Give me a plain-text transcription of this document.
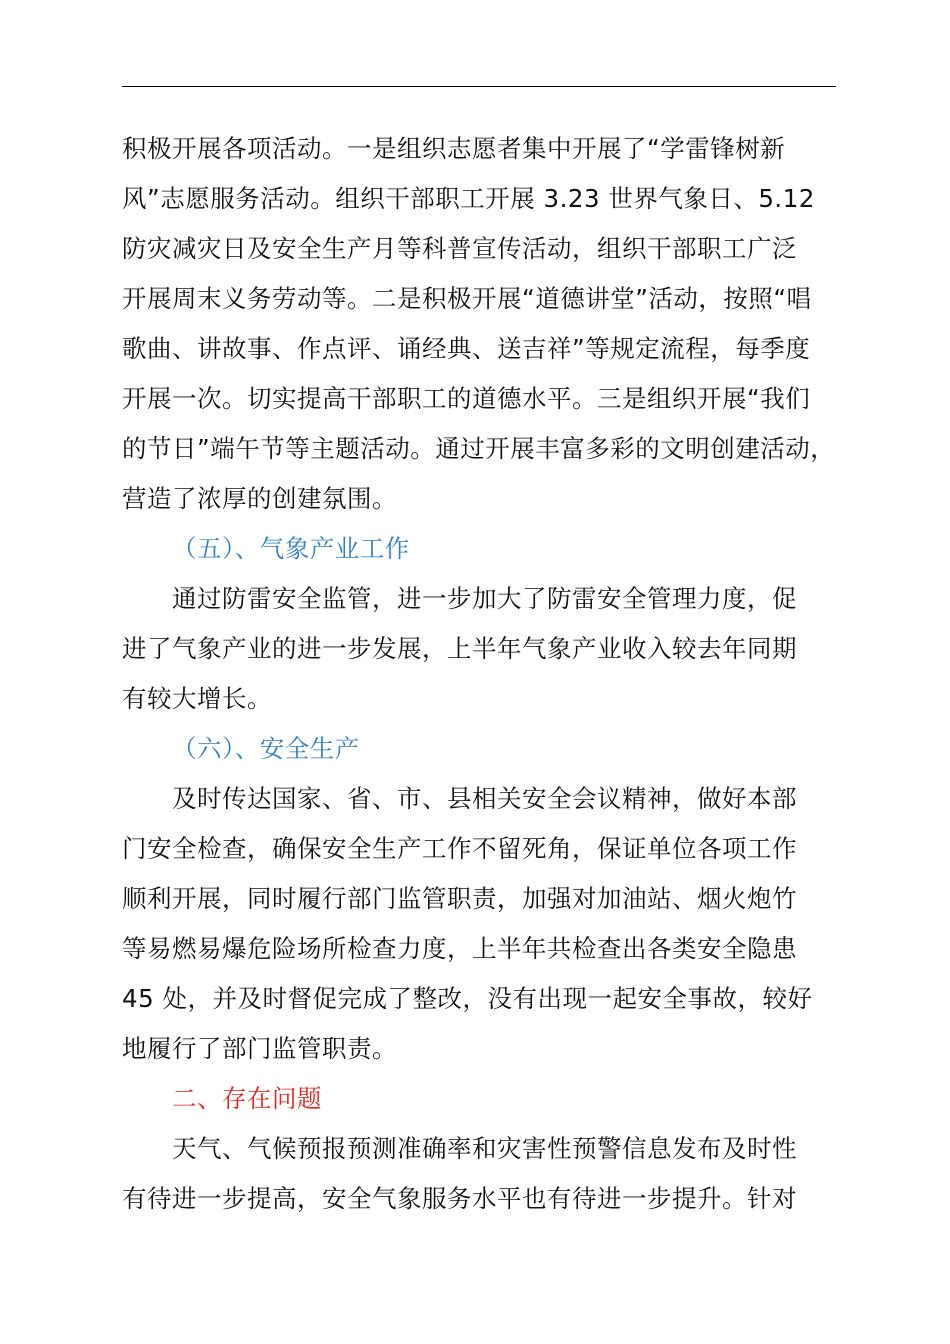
积极开展各项活动。一是组织志愿者集中开展了“学雷锋树新
风”志愿服务活动。组织干部职工开展 3.23 世界气象日、5.12
防灾减灾日及安全生产月等科普宣传活动，组织干部职工广泛
开展周末义务劳动等。二是积极开展“道德讲堂”活动，按照“唱
歌曲、讲故事、作点评、诵经典、送吉祥”等规定流程，每季度
开展一次。切实提高干部职工的道德水平。三是组织开展“我们
的节日”端午节等主题活动。通过开展丰富多彩的文明创建活动，
营造了浓厚的创建氛围。
（五）、气象产业工作
通过防雷安全监管，进一步加大了防雷安全管理力度，促
进了气象产业的进一步发展，上半年气象产业收入较去年同期
有较大增长。
（六）、安全生产
及时传达国家、省、市、县相关安全会议精神，做好本部
门安全检查，确保安全生产工作不留死角，保证单位各项工作
顺利开展，同时履行部门监管职责，加强对加油站、烟火炮竹
等易燃易爆危险场所检查力度，上半年共检查出各类安全隐患
45 处，并及时督促完成了整改，没有出现一起安全事故，较好
地履行了部门监管职责。
二、存在问题
天气、气候预报预测准确率和灾害性预警信息发布及时性
有待进一步提高，安全气象服务水平也有待进一步提升。针对
